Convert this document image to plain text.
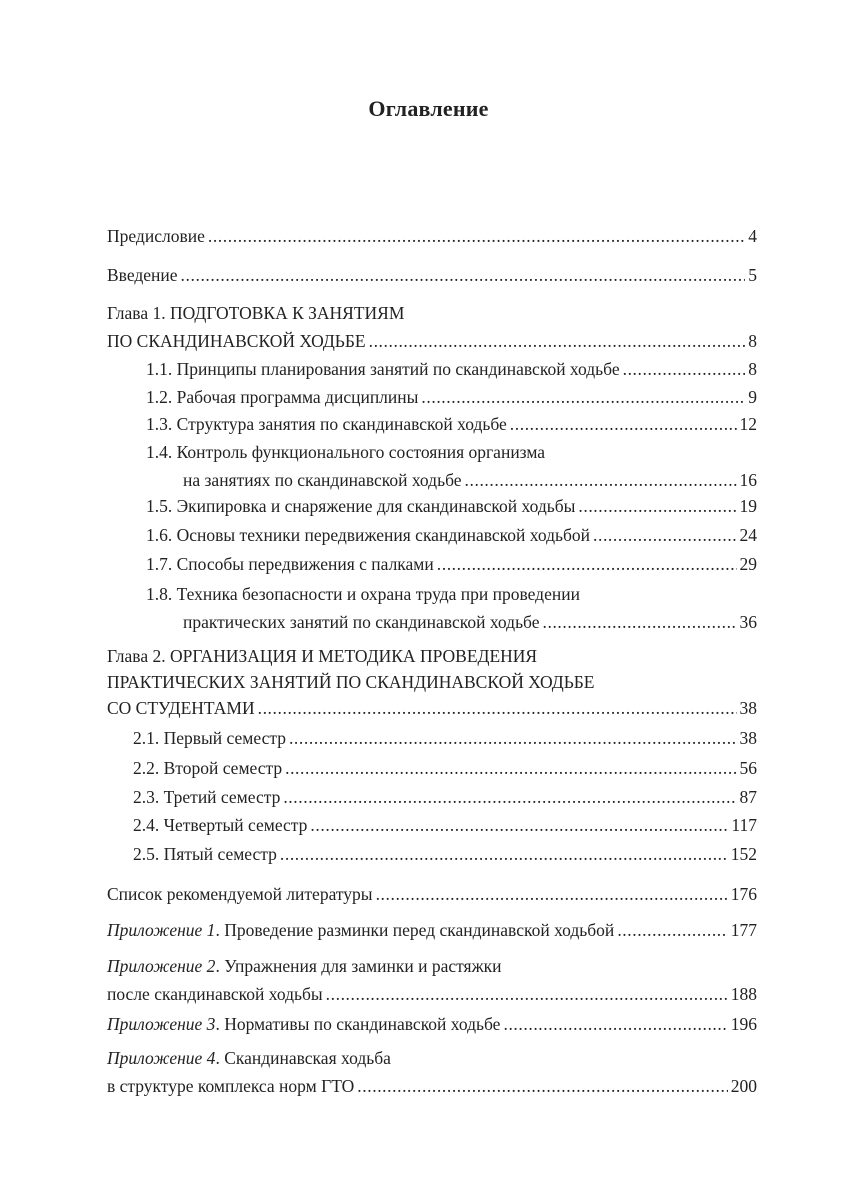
Оглавление
Предисловие .....	4
Введение .....	5
Глава 1. ПОДГОТОВКА К ЗАНЯТИЯМ
ПО СКАНДИНАВСКОЙ ХОДЬБЕ .....	8
1.1. Принципы планирования занятий по скандинавской ходьбе .....	8
1.2. Рабочая программа дисциплины .....	9
1.3. Структура занятия по скандинавской ходьбе .....	12
1.4. Контроль функционального состояния организма
на занятиях по скандинавской ходьбе .....	16
1.5. Экипировка и снаряжение для скандинавской ходьбы .....	19
1.6. Основы техники передвижения скандинавской ходьбой .....	24
1.7. Способы передвижения с палками .....	29
1.8. Техника безопасности и охрана труда при проведении
практических занятий по скандинавской ходьбе .....	36
Глава 2. ОРГАНИЗАЦИЯ И МЕТОДИКА ПРОВЕДЕНИЯ
ПРАКТИЧЕСКИХ ЗАНЯТИЙ ПО СКАНДИНАВСКОЙ ХОДЬБЕ
СО СТУДЕНТАМИ .....	38
2.1. Первый семестр .....	38
2.2. Второй семестр .....	56
2.3. Третий семестр .....	87
2.4. Четвертый семестр .....	117
2.5. Пятый семестр .....	152
Список рекомендуемой литературы .....	176
Приложение 1. Проведение разминки перед скандинавской ходьбой .....	177
Приложение 2. Упражнения для заминки и растяжки
после скандинавской ходьбы .....	188
Приложение 3. Нормативы по скандинавской ходьбе .....	196
Приложение 4. Скандинавская ходьба
в структуре комплекса норм ГТО .....	200
